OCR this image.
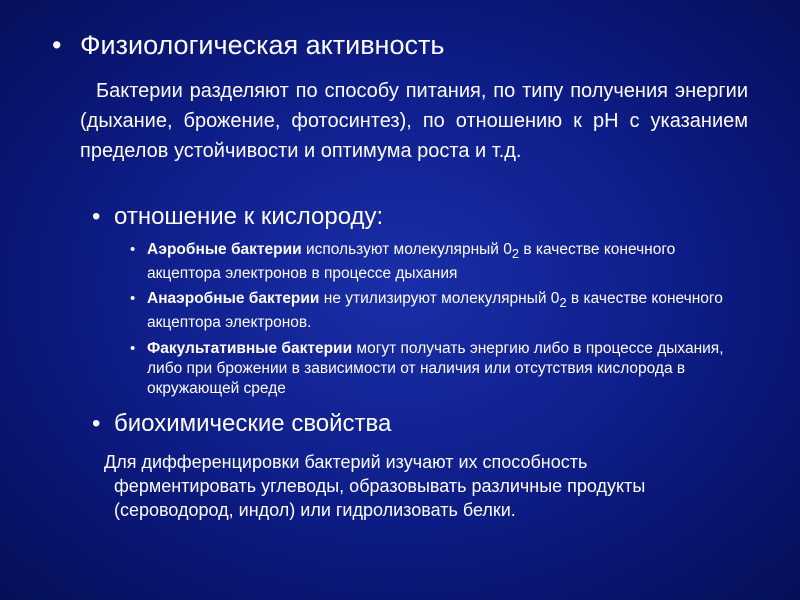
• Физиологическая активность
Бактерии разделяют по способу питания, по типу получения энергии (дыхание, брожение, фотосинтез), по отношению к рН с указанием пределов устойчивости и оптимума роста и т.д.
• отношение к кислороду:
• Аэробные бактерии используют молекулярный $0_2$ в качестве конечного акцептора электронов в процессе дыхания
• Анаэробные бактерии не утилизируют молекулярный $0_2$ в качестве конечного акцептора электронов.
• Факультативные бактерии могут получать энергию либо в процессе дыхания, либо при брожении в зависимости от наличия или отсутствия кислорода в окружающей среде
• биохимические свойства
Для дифференцировки бактерий изучают их способность
ферментировать углеводы, образовывать различные продукты (сероводород, индол) или гидролизовать белки.
